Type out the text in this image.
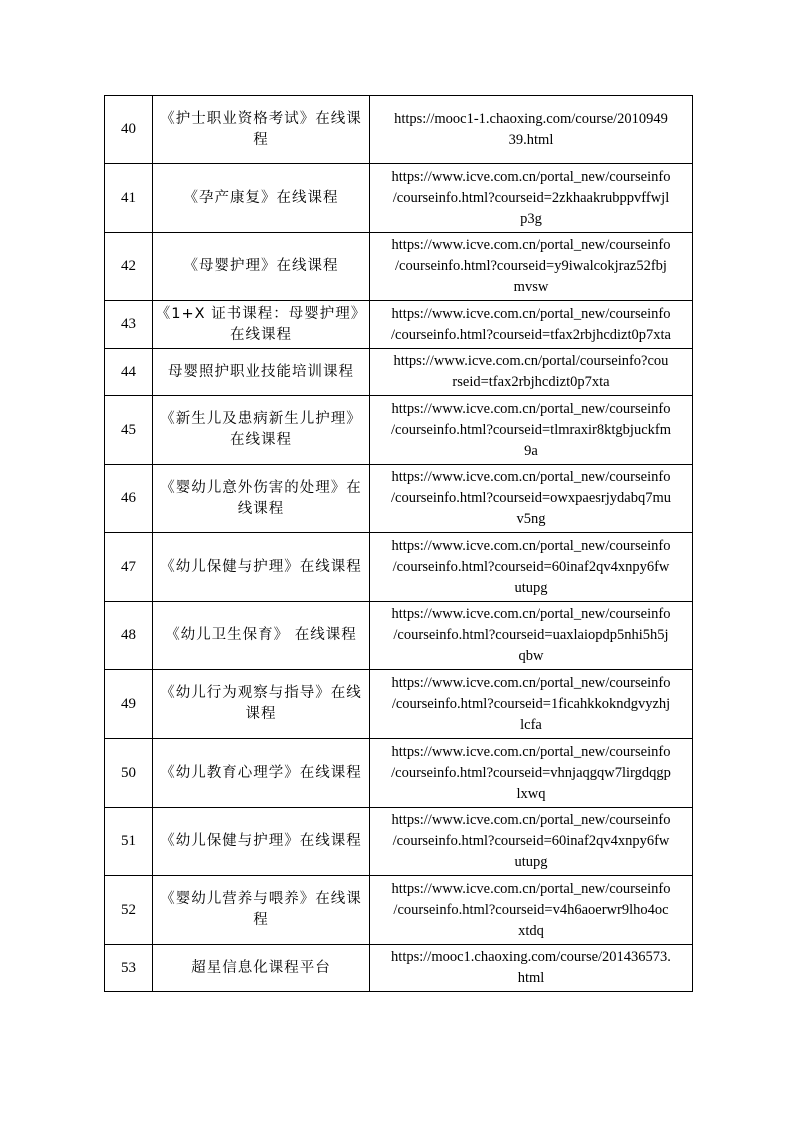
40	《护士职业资格考试》在线课
程	https://mooc1-1.chaoxing.com/course/2010949
39.html

41	《孕产康复》在线课程	https://www.icve.com.cn/portal_new/courseinfo
/courseinfo.html?courseid=2zkhaakrubppvffwjl
p3g

42	《母婴护理》在线课程	https://www.icve.com.cn/portal_new/courseinfo
/courseinfo.html?courseid=y9iwalcokjraz52fbj
mvsw

43	《1+X 证书课程：母婴护理》
在线课程	https://www.icve.com.cn/portal_new/courseinfo
/courseinfo.html?courseid=tfax2rbjhcdizt0p7xta

44	母婴照护职业技能培训课程	https://www.icve.com.cn/portal/courseinfo?cou
rseid=tfax2rbjhcdizt0p7xta

45	《新生儿及患病新生儿护理》
在线课程	https://www.icve.com.cn/portal_new/courseinfo
/courseinfo.html?courseid=tlmraxir8ktgbjuckfm
9a

46	《婴幼儿意外伤害的处理》在
线课程	https://www.icve.com.cn/portal_new/courseinfo
/courseinfo.html?courseid=owxpaesrjydabq7mu
v5ng

47	《幼儿保健与护理》在线课程	https://www.icve.com.cn/portal_new/courseinfo
/courseinfo.html?courseid=60inaf2qv4xnpy6fw
utupg

48	《幼儿卫生保育》 在线课程	https://www.icve.com.cn/portal_new/courseinfo
/courseinfo.html?courseid=uaxlaiopdp5nhi5h5j
qbw

49	《幼儿行为观察与指导》在线
课程	https://www.icve.com.cn/portal_new/courseinfo
/courseinfo.html?courseid=1ficahkkokndgvyzhj
lcfa

50	《幼儿教育心理学》在线课程	https://www.icve.com.cn/portal_new/courseinfo
/courseinfo.html?courseid=vhnjaqgqw7lirgdqgp
lxwq

51	《幼儿保健与护理》在线课程	https://www.icve.com.cn/portal_new/courseinfo
/courseinfo.html?courseid=60inaf2qv4xnpy6fw
utupg

52	《婴幼儿营养与喂养》在线课
程	https://www.icve.com.cn/portal_new/courseinfo
/courseinfo.html?courseid=v4h6aoerwr9lho4oc
xtdq

53	超星信息化课程平台	https://mooc1.chaoxing.com/course/201436573.
html
